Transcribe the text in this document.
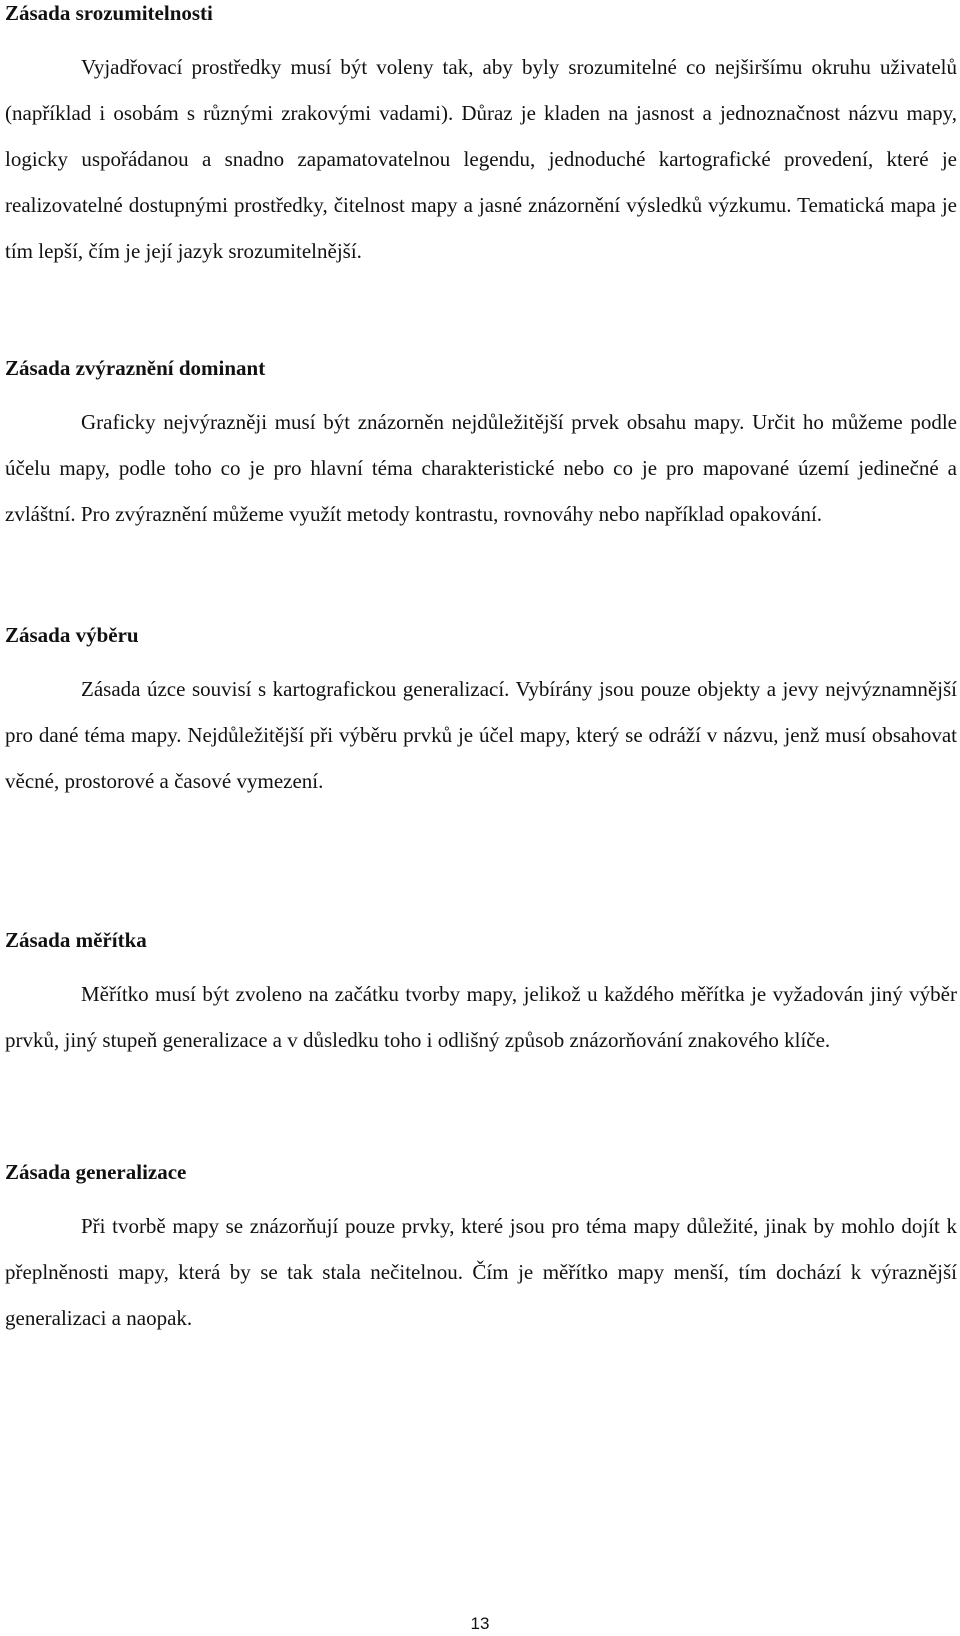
Zásada srozumitelnosti

Vyjadřovací prostředky musí být voleny tak, aby byly srozumitelné co nejširšímu okruhu uživatelů (například i osobám s různými zrakovými vadami). Důraz je kladen na jasnost a jednoznačnost názvu mapy, logicky uspořádanou a snadno zapamatovatelnou legendu, jednoduché kartografické provedení, které je realizovatelné dostupnými prostředky, čitelnost mapy a jasné znázornění výsledků výzkumu. Tematická mapa je tím lepší, čím je její jazyk srozumitelnější.

Zásada zvýraznění dominant

Graficky nejvýrazněji musí být znázorněn nejdůležitější prvek obsahu mapy. Určit ho můžeme podle účelu mapy, podle toho co je pro hlavní téma charakteristické nebo co je pro mapované území jedinečné a zvláštní. Pro zvýraznění můžeme využít metody kontrastu, rovnováhy nebo například opakování.

Zásada výběru

Zásada úzce souvisí s kartografickou generalizací. Vybírány jsou pouze objekty a jevy nejvýznamnější pro dané téma mapy. Nejdůležitější při výběru prvků je účel mapy, který se odráží v názvu, jenž musí obsahovat věcné, prostorové a časové vymezení.

Zásada měřítka

Měřítko musí být zvoleno na začátku tvorby mapy, jelikož u každého měřítka je vyžadován jiný výběr prvků, jiný stupeň generalizace a v důsledku toho i odlišný způsob znázorňování znakového klíče.

Zásada generalizace

Při tvorbě mapy se znázorňují pouze prvky, které jsou pro téma mapy důležité, jinak by mohlo dojít k přeplněnosti mapy, která by se tak stala nečitelnou. Čím je měřítko mapy menší, tím dochází k výraznější generalizaci a naopak.

13
